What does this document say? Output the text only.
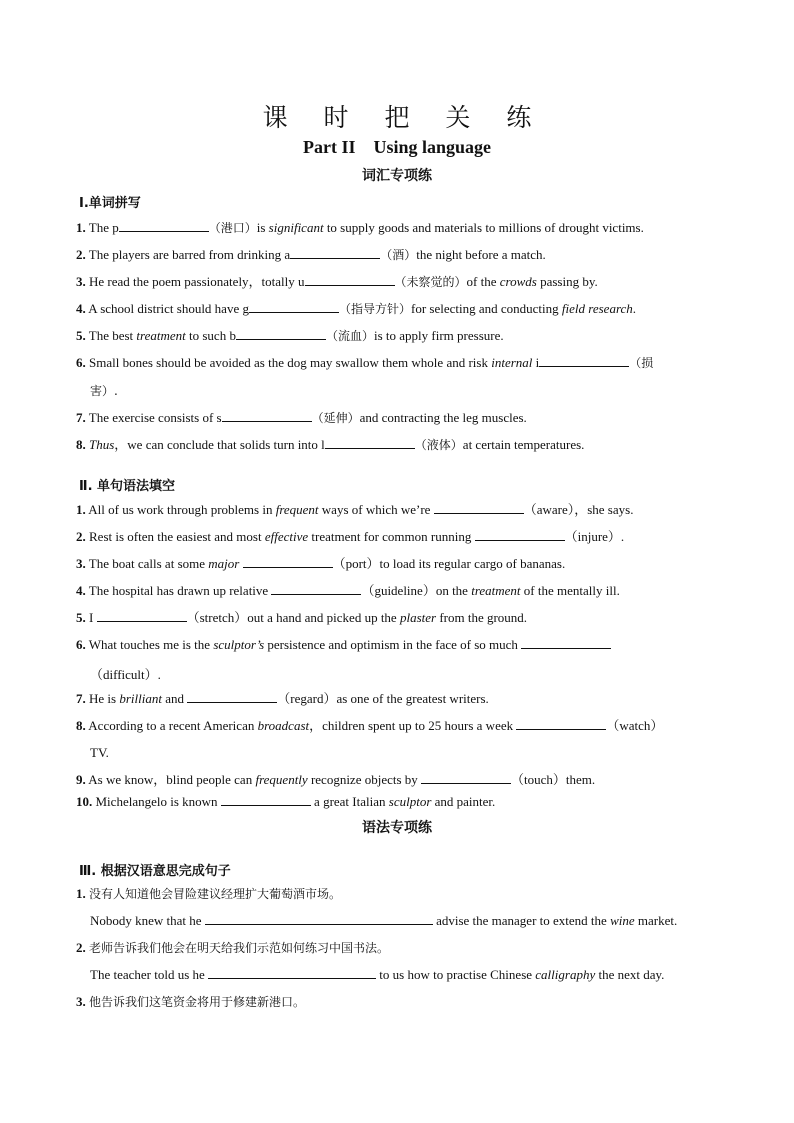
课 时 把 关 练
Part II Using language
词汇专项练
Ⅰ.单词拼写
1. The p	（港口）is significant to supply goods and materials to millions of drought victims.
2. The players are barred from drinking a	（酒）the night before a match.
3. He read the poem passionately，totally u	（未察觉的）of the crowds passing by.
4. A school district should have g	（指导方针）for selecting and conducting field research.
5. The best treatment to such b	（流血）is to apply firm pressure.
6. Small bones should be avoided as the dog may swallow them whole and risk internal i	（损
害）.
7. The exercise consists of s	（延伸）and contracting the leg muscles.
8. Thus，we can conclude that solids turn into l	（液体）at certain temperatures.
Ⅱ. 单句语法填空
1. All of us work through problems in frequent ways of which we’re	（aware），she says.
2. Rest is often the easiest and most effective treatment for common running	（injure）.
3. The boat calls at some major	（port）to load its regular cargo of bananas.
4. The hospital has drawn up relative	（guideline）on the treatment of the mentally ill.
5. I	（stretch）out a hand and picked up the plaster from the ground.
6. What touches me is the sculptor’s persistence and optimism in the face of so much
（difficult）.
7. He is brilliant and	（regard）as one of the greatest writers.
8. According to a recent American broadcast，children spent up to 25 hours a week	（watch）
TV.
9. As we know，blind people can frequently recognize objects by	（touch）them.
10. Michelangelo is known	a great Italian sculptor and painter.
语法专项练
Ⅲ. 根据汉语意思完成句子
1. 没有人知道他会冒险建议经理扩大葡萄酒市场。
Nobody knew that he	advise the manager to extend the wine market.
2. 老师告诉我们他会在明天给我们示范如何练习中国书法。
The teacher told us he	to us how to practise Chinese calligraphy the next day.
3. 他告诉我们这笔资金将用于修建新港口。
